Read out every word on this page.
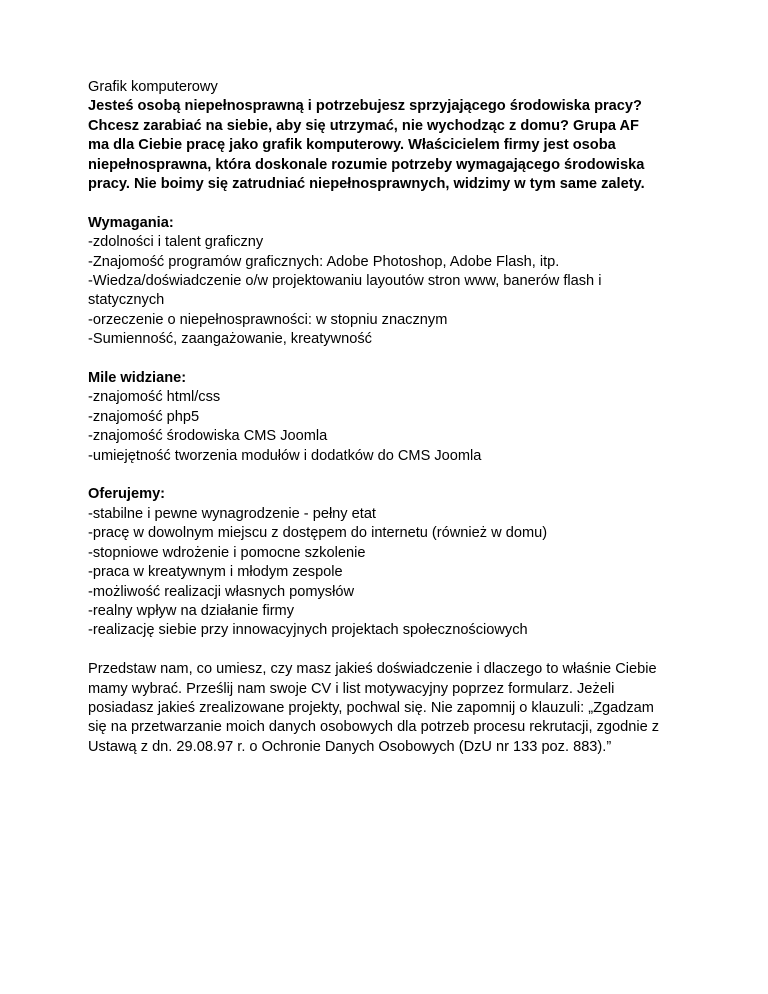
Grafik komputerowy
Jesteś osobą niepełnosprawną i potrzebujesz sprzyjającego środowiska pracy?
Chcesz zarabiać na siebie, aby się utrzymać, nie wychodząc z domu? Grupa AF
ma dla Ciebie pracę jako grafik komputerowy. Właścicielem firmy jest osoba
niepełnosprawna, która doskonale rozumie potrzeby wymagającego środowiska
pracy. Nie boimy się zatrudniać niepełnosprawnych, widzimy w tym same zalety.
Wymagania:
-zdolności i talent graficzny
-Znajomość programów graficznych: Adobe Photoshop, Adobe Flash, itp.
-Wiedza/doświadczenie o/w projektowaniu layoutów stron www, banerów flash i
statycznych
-orzeczenie o niepełnosprawności: w stopniu znacznym
-Sumienność, zaangażowanie, kreatywność
Mile widziane:
-znajomość html/css
-znajomość php5
-znajomość środowiska CMS Joomla
-umiejętność tworzenia modułów i dodatków do CMS Joomla
Oferujemy:
-stabilne i pewne wynagrodzenie - pełny etat
-pracę w dowolnym miejscu z dostępem do internetu (również w domu)
-stopniowe wdrożenie i pomocne szkolenie
-praca w kreatywnym i młodym zespole
-możliwość realizacji własnych pomysłów
-realny wpływ na działanie firmy
-realizację siebie przy innowacyjnych projektach społecznościowych
Przedstaw nam, co umiesz, czy masz jakieś doświadczenie i dlaczego to właśnie Ciebie
mamy wybrać. Prześlij nam swoje CV i list motywacyjny poprzez formularz. Jeżeli
posiadasz jakieś zrealizowane projekty, pochwal się. Nie zapomnij o klauzuli: „Zgadzam
się na przetwarzanie moich danych osobowych dla potrzeb procesu rekrutacji, zgodnie z
Ustawą z dn. 29.08.97 r. o Ochronie Danych Osobowych (DzU nr 133 poz. 883).”
